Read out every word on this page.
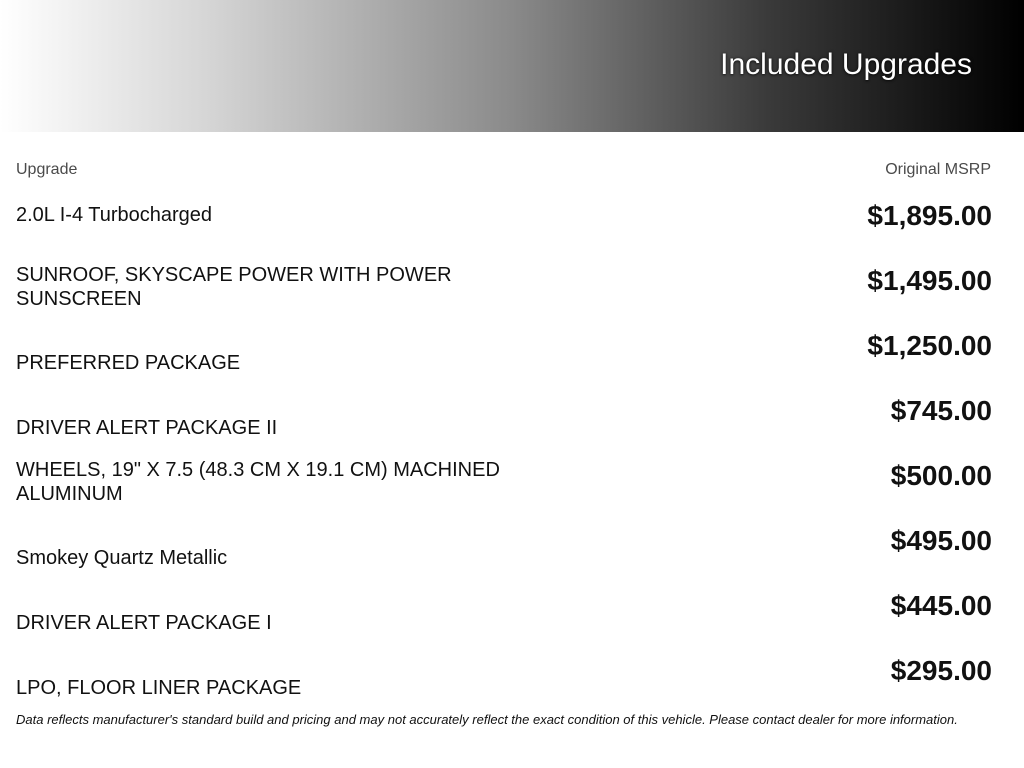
Included Upgrades
Upgrade	Original MSRP
2.0L I-4 Turbocharged	$1,895.00
SUNROOF, SKYSCAPE POWER WITH POWER SUNSCREEN
$1,495.00
PREFERRED PACKAGE
$1,250.00
DRIVER ALERT PACKAGE II
$745.00
WHEELS, 19" X 7.5 (48.3 CM X 19.1 CM) MACHINED ALUMINUM
$500.00
Smokey Quartz Metallic
$495.00
DRIVER ALERT PACKAGE I
$445.00
LPO, FLOOR LINER PACKAGE
$295.00
Data reflects manufacturer's standard build and pricing and may not accurately reflect the exact condition of this vehicle. Please contact dealer for more information.
